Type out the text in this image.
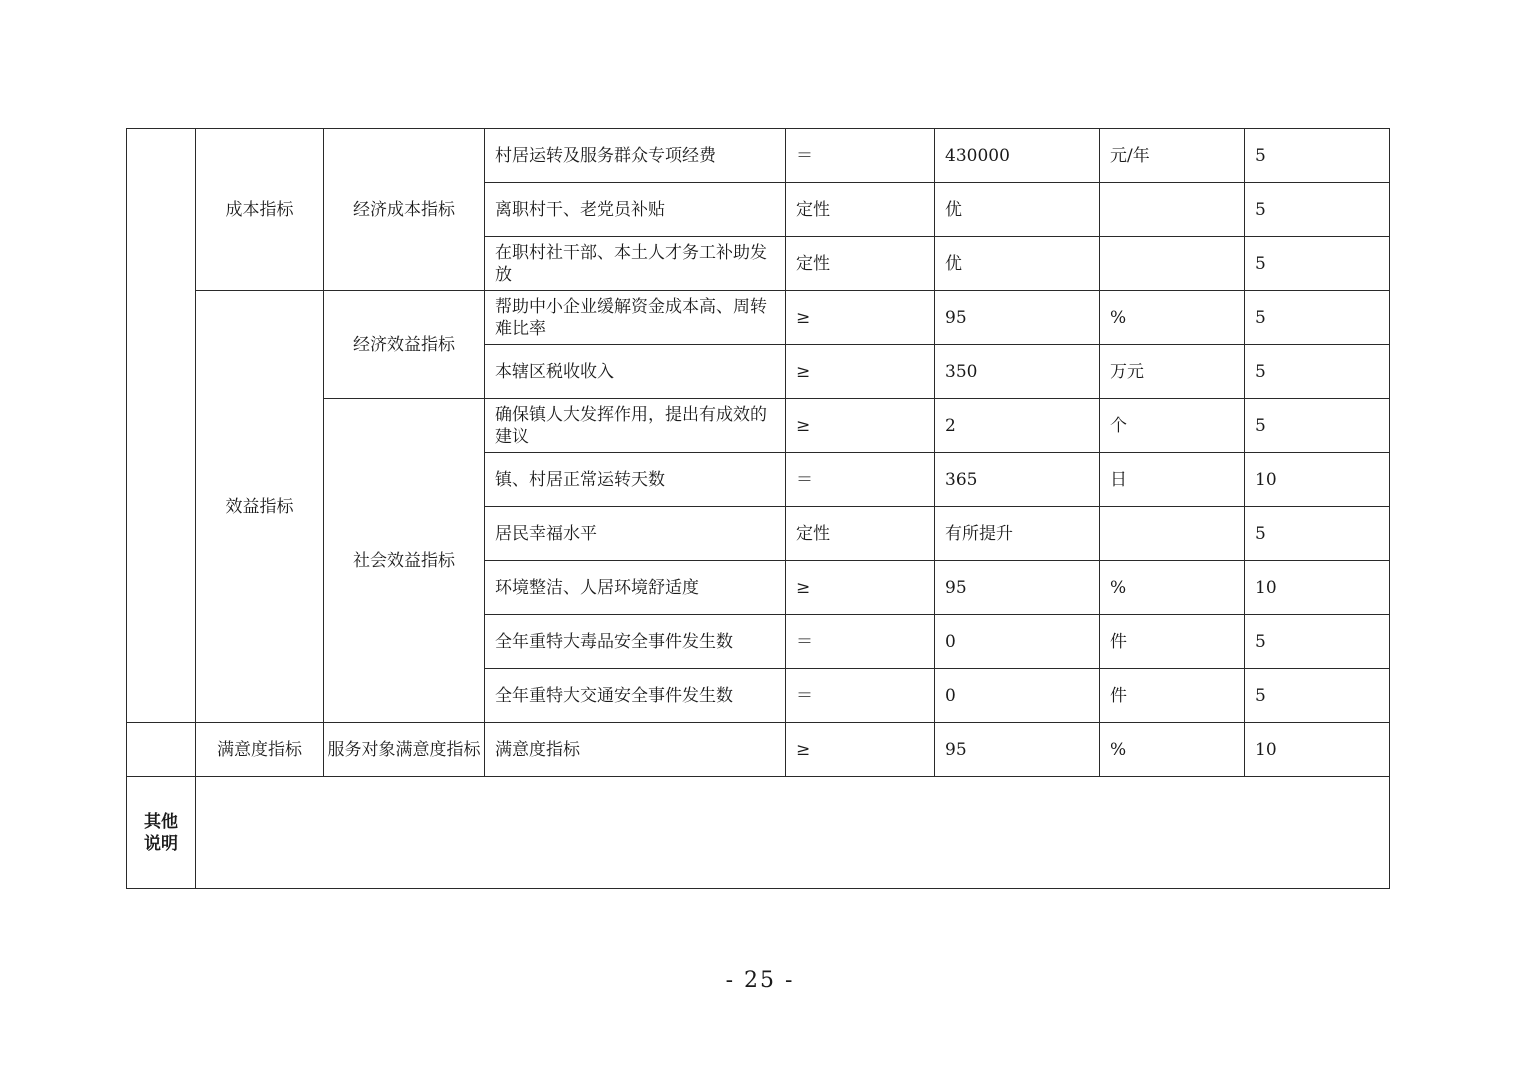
	成本指标	经济成本指标	村居运转及服务群众专项经费	＝	430000	元/年	5
			离职村干、老党员补贴	定性	优		5
			在职村社干部、本土人才务工补助发放	定性	优		5
	效益指标	经济效益指标	帮助中小企业缓解资金成本高、周转难比率	≥	95	%	5
			本辖区税收收入	≥	350	万元	5
		社会效益指标	确保镇人大发挥作用，提出有成效的建议	≥	2	个	5
			镇、村居正常运转天数	＝	365	日	10
			居民幸福水平	定性	有所提升		5
			环境整洁、人居环境舒适度	≥	95	%	10
			全年重特大毒品安全事件发生数	＝	0	件	5
			全年重特大交通安全事件发生数	＝	0	件	5
	满意度指标	服务对象满意度指标	满意度指标	≥	95	%	10

其他
说明							

- 25 -
